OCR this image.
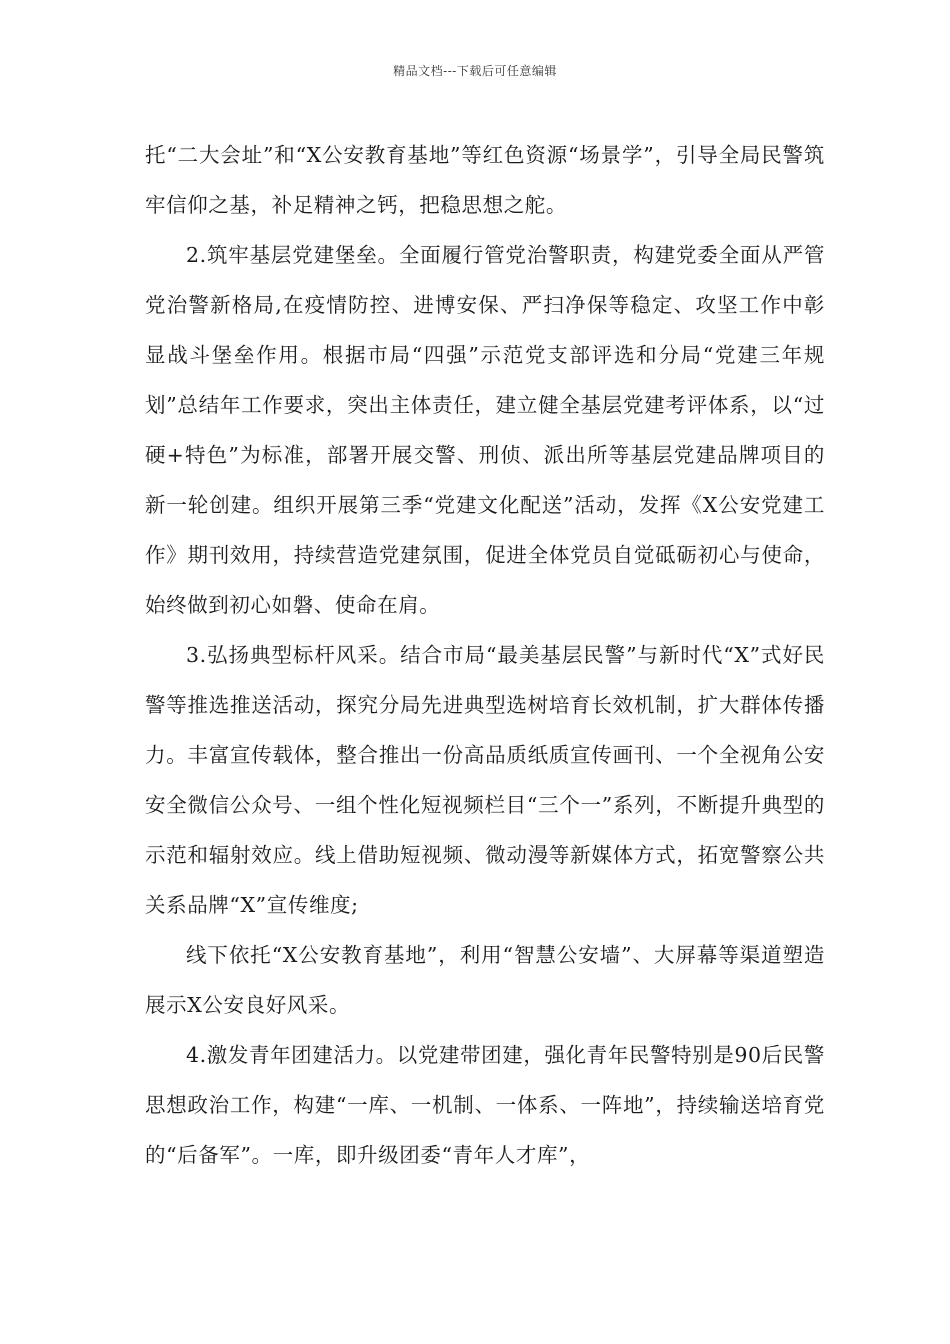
精品文档---下载后可任意编辑

托“二大会址”和“X公安教育基地”等红色资源“场景学”，引导全局民警筑牢信仰之基，补足精神之钙，把稳思想之舵。

2.筑牢基层党建堡垒。全面履行管党治警职责，构建党委全面从严管党治警新格局,在疫情防控、进博安保、严扫净保等稳定、攻坚工作中彰显战斗堡垒作用。根据市局“四强”示范党支部评选和分局“党建三年规划”总结年工作要求，突出主体责任，建立健全基层党建考评体系，以“过硬+特色”为标准，部署开展交警、刑侦、派出所等基层党建品牌项目的新一轮创建。组织开展第三季“党建文化配送”活动，发挥《X公安党建工作》期刊效用，持续营造党建氛围，促进全体党员自觉砥砺初心与使命，始终做到初心如磐、使命在肩。

3.弘扬典型标杆风采。结合市局“最美基层民警”与新时代“X”式好民警等推选推送活动，探究分局先进典型选树培育长效机制，扩大群体传播力。丰富宣传载体，整合推出一份高品质纸质宣传画刊、一个全视角公安安全微信公众号、一组个性化短视频栏目“三个一”系列，不断提升典型的示范和辐射效应。线上借助短视频、微动漫等新媒体方式，拓宽警察公共关系品牌“X”宣传维度;

线下依托“X公安教育基地”，利用“智慧公安墙”、大屏幕等渠道塑造展示X公安良好风采。

4.激发青年团建活力。以党建带团建，强化青年民警特别是90后民警思想政治工作，构建“一库、一机制、一体系、一阵地”，持续输送培育党的“后备军”。一库，即升级团委“青年人才库”，
